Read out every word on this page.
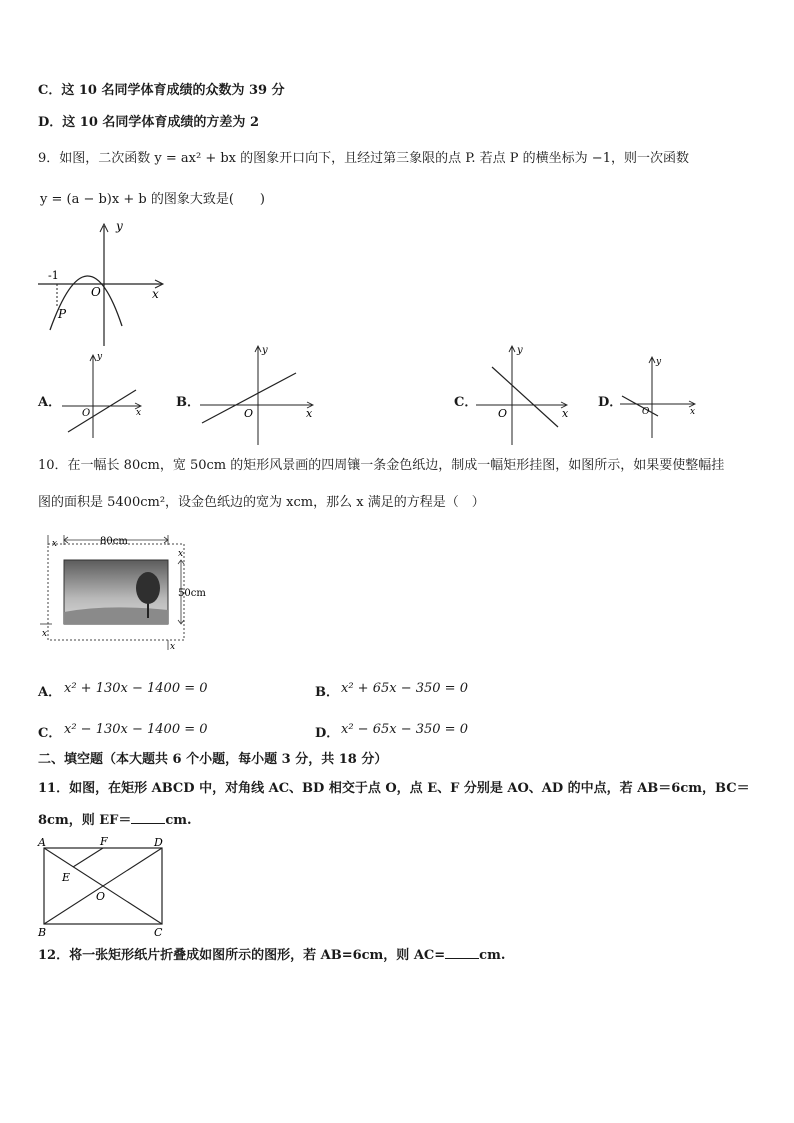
C．这 10 名同学体育成绩的众数为 39 分
D．这 10 名同学体育成绩的方差为 2
9．如图，二次函数 y = ax² + bx 的图象开口向下，且经过第三象限的点 P. 若点 P 的横坐标为 −1，则一次函数
y = (a − b)x + b 的图象大致是(　　)
y
x
O
-1
P
A．
y
x
O
B．
y
x
O
C．
y
x
O
D．
y
x
O
10．在一幅长 80cm，宽 50cm 的矩形风景画的四周镶一条金色纸边，制成一幅矩形挂图，如图所示，如果要使整幅挂
图的面积是 5400cm²，设金色纸边的宽为 xcm，那么 x 满足的方程是（　）
80cm
x
50cm
x
x
x
A． x² + 130x − 1400 = 0	B． x² + 65x − 350 = 0
C． x² − 130x − 1400 = 0	D． x² − 65x − 350 = 0
二、填空题（本大题共 6 个小题，每小题 3 分，共 18 分）
11．如图，在矩形 ABCD 中，对角线 AC、BD 相交于点 O，点 E、F 分别是 AO、AD 的中点，若 AB＝6cm，BC＝
8cm，则 EF＝	cm.
A	F	D
E
O
B	C
12．将一张矩形纸片折叠成如图所示的图形，若 AB=6cm，则 AC=	cm.
